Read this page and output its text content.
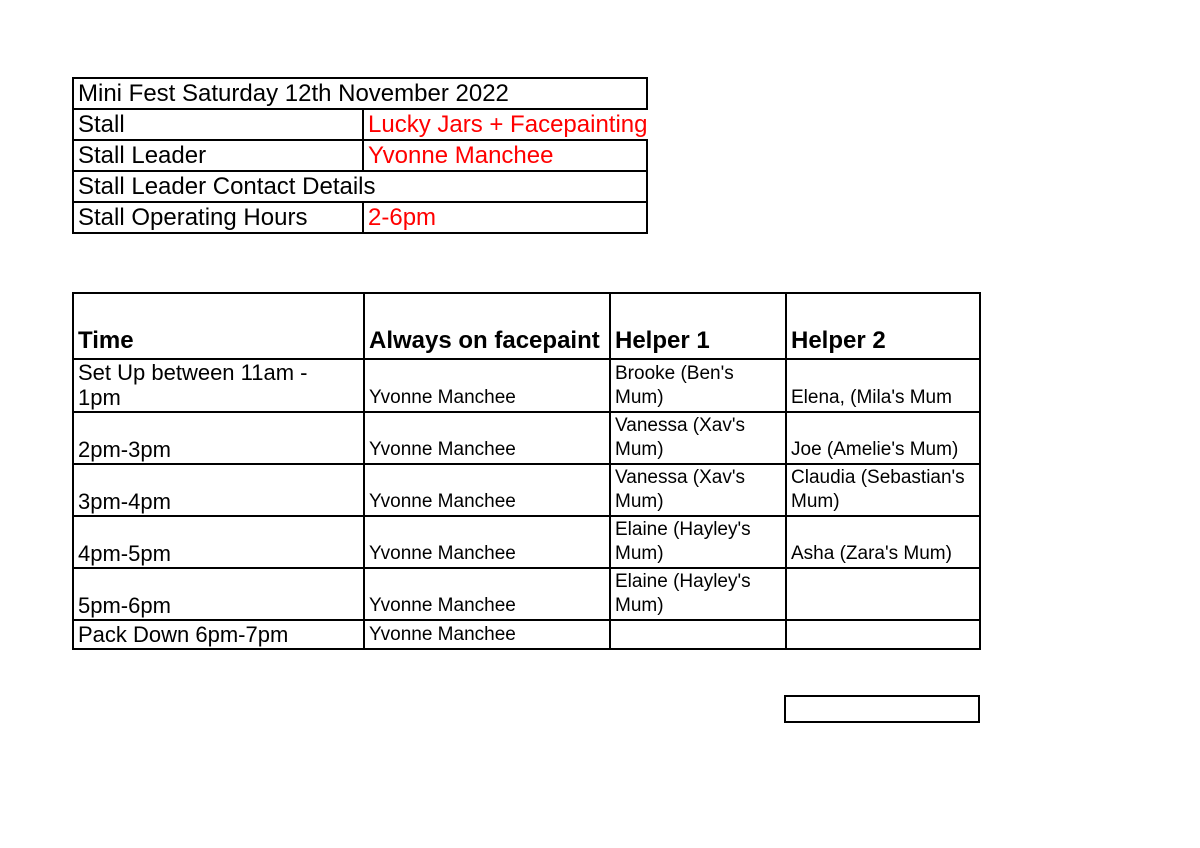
Mini Fest Saturday 12th November 2022	
Stall	Lucky Jars + Facepainting
Stall Leader	Yvonne Manchee
Stall Leader Contact Details	
Stall Operating Hours	2-6pm
Time	Always on facepaint	Helper 1	Helper 2
Set Up between 11am - 1pm	Yvonne Manchee	Brooke (Ben's Mum)	Elena, (Mila's Mum
2pm-3pm	Yvonne Manchee	Vanessa (Xav's Mum)	Joe (Amelie's Mum)
3pm-4pm	Yvonne Manchee	Vanessa (Xav's Mum)	Claudia (Sebastian's Mum)
4pm-5pm	Yvonne Manchee	Elaine (Hayley's Mum)	Asha (Zara's Mum)
5pm-6pm	Yvonne Manchee	Elaine (Hayley's Mum)	
Pack Down 6pm-7pm	Yvonne Manchee		
